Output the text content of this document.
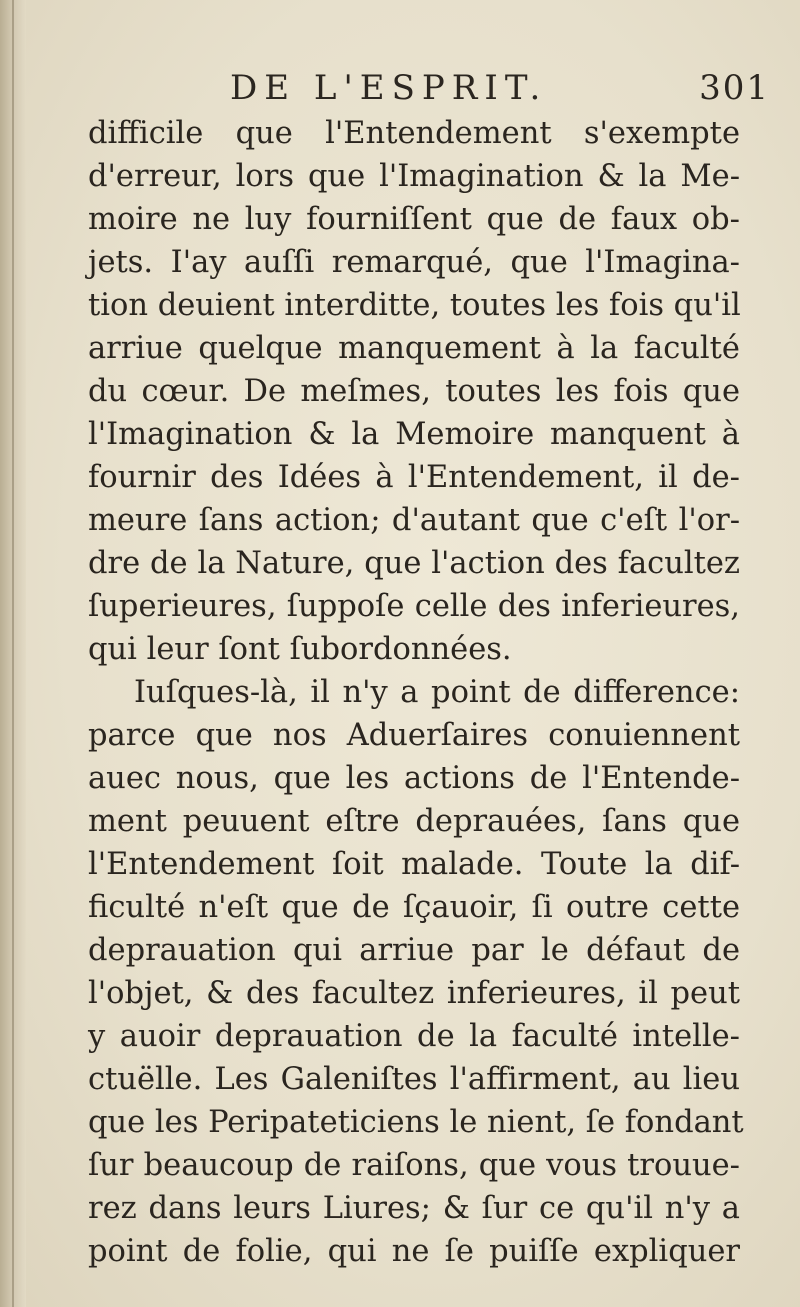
DE L'ESPRIT.	301
difficile que l'Entendement s'exempte
d'erreur, lors que l'Imagination & la Me-
moire ne luy fourniſſent que de faux ob-
jets. I'ay auſſi remarqué, que l'Imagina-
tion deuient interditte, toutes les fois qu'il
arriue quelque manquement à la faculté
du cœur. De meſmes, toutes les fois que
l'Imagination & la Memoire manquent à
fournir des Idées à l'Entendement, il de-
meure ſans action; d'autant que c'eſt l'or-
dre de la Nature, que l'action des facultez
ſuperieures, ſuppoſe celle des inferieures,
qui leur ſont ſubordonnées.
Iuſques-là, il n'y a point de difference:
parce que nos Aduerſaires conuiennent
auec nous, que les actions de l'Entende-
ment peuuent eſtre deprauées, ſans que
l'Entendement ſoit malade. Toute la dif-
ficulté n'eſt que de ſçauoir, ſi outre cette
deprauation qui arriue par le défaut de
l'objet, & des facultez inferieures, il peut
y auoir deprauation de la faculté intelle-
ctuëlle. Les Galeniſtes l'affirment, au lieu
que les Peripateticiens le nient, ſe fondant
ſur beaucoup de raiſons, que vous trouue-
rez dans leurs Liures; & ſur ce qu'il n'y a
point de folie, qui ne ſe puiſſe expliquer
